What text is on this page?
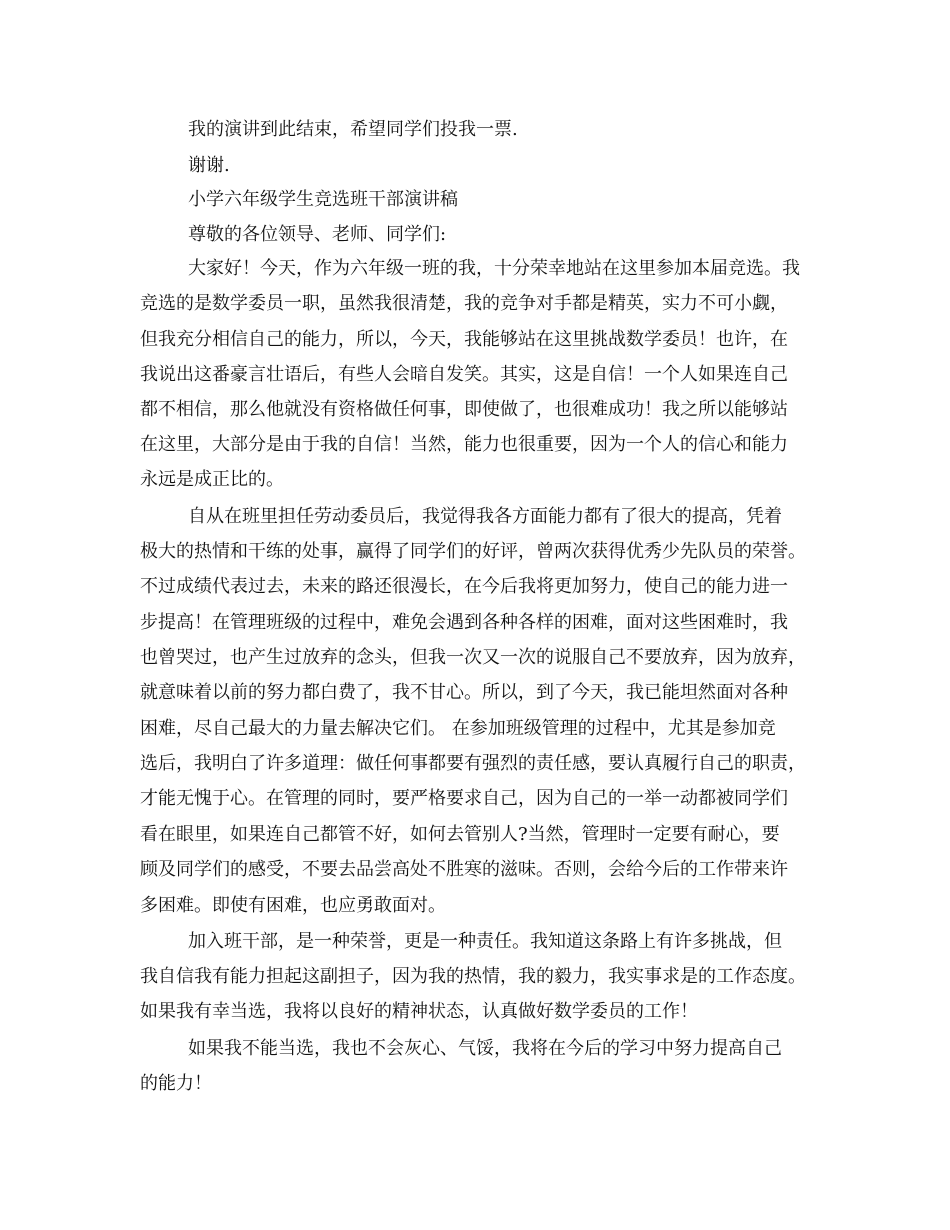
我的演讲到此结束，希望同学们投我一票.
谢谢.
小学六年级学生竞选班干部演讲稿
尊敬的各位领导、老师、同学们:
大家好！今天，作为六年级一班的我，十分荣幸地站在这里参加本届竞选。我
竞选的是数学委员一职，虽然我很清楚，我的竞争对手都是精英，实力不可小觑，
但我充分相信自己的能力，所以，今天，我能够站在这里挑战数学委员！也许，在
我说出这番豪言壮语后，有些人会暗自发笑。其实，这是自信！一个人如果连自己
都不相信，那么他就没有资格做任何事，即使做了，也很难成功！我之所以能够站
在这里，大部分是由于我的自信！当然，能力也很重要，因为一个人的信心和能力
永远是成正比的。
自从在班里担任劳动委员后，我觉得我各方面能力都有了很大的提高，凭着
极大的热情和干练的处事，赢得了同学们的好评，曾两次获得优秀少先队员的荣誉。
不过成绩代表过去，未来的路还很漫长，在今后我将更加努力，使自己的能力进一
步提高！在管理班级的过程中，难免会遇到各种各样的困难，面对这些困难时，我
也曾哭过，也产生过放弃的念头，但我一次又一次的说服自己不要放弃，因为放弃，
就意味着以前的努力都白费了，我不甘心。所以，到了今天，我已能坦然面对各种
困难，尽自己最大的力量去解决它们。 在参加班级管理的过程中，尤其是参加竞
选后，我明白了许多道理：做任何事都要有强烈的责任感，要认真履行自己的职责，
才能无愧于心。在管理的同时，要严格要求自己，因为自己的一举一动都被同学们
看在眼里，如果连自己都管不好，如何去管别人?当然，管理时一定要有耐心，要
顾及同学们的感受，不要去品尝高处不胜寒的滋味。否则，会给今后的工作带来许
多困难。即使有困难，也应勇敢面对。
加入班干部，是一种荣誉，更是一种责任。我知道这条路上有许多挑战，但
我自信我有能力担起这副担子，因为我的热情，我的毅力，我实事求是的工作态度。
如果我有幸当选，我将以良好的精神状态，认真做好数学委员的工作！
如果我不能当选，我也不会灰心、气馁，我将在今后的学习中努力提高自己
的能力！
